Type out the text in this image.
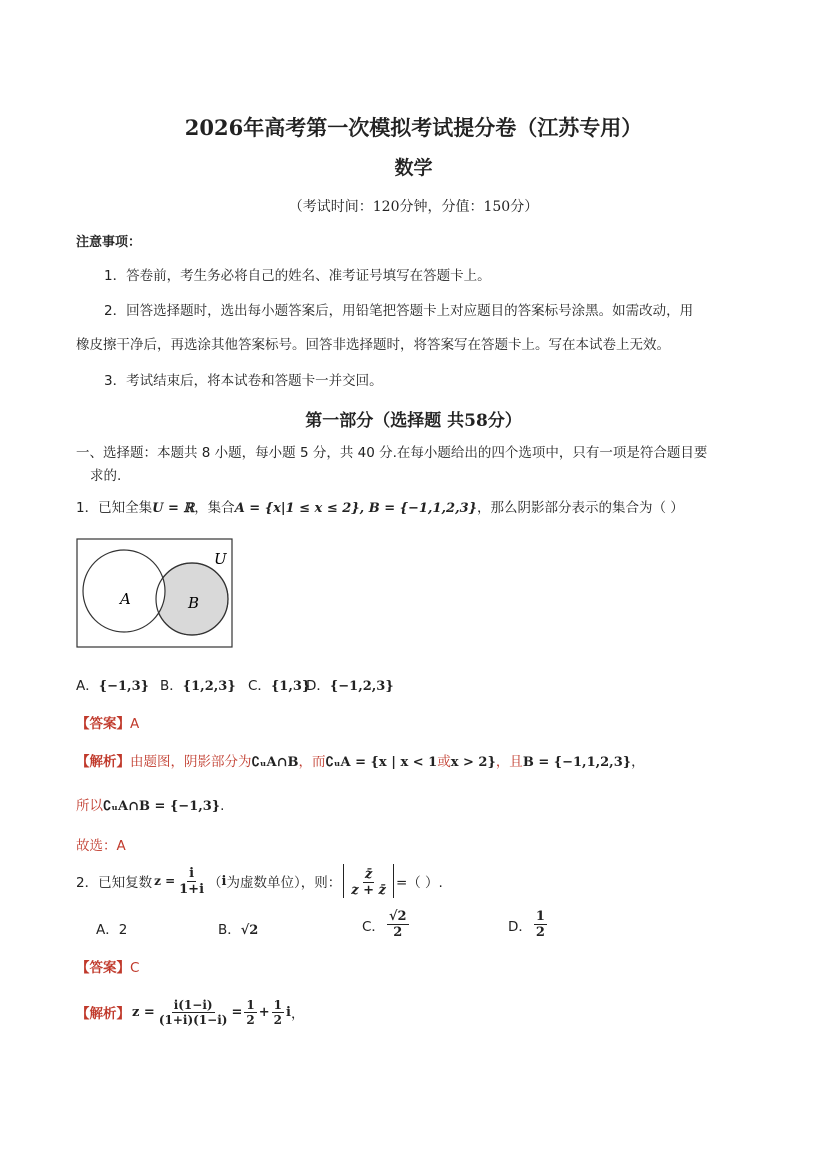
2026年高考第一次模拟考试提分卷（江苏专用）
数学
（考试时间：120分钟，分值：150分）
注意事项：
1．答卷前，考生务必将自己的姓名、准考证号填写在答题卡上。
2．回答选择题时，选出每小题答案后，用铅笔把答题卡上对应题目的答案标号涂黑。如需改动，用
橡皮擦干净后，再选涂其他答案标号。回答非选择题时，将答案写在答题卡上。写在本试卷上无效。
3．考试结束后，将本试卷和答题卡一并交回。
第一部分（选择题 共58分）
一、选择题：本题共 8 小题，每小题 5 分，共 40 分.在每小题给出的四个选项中，只有一项是符合题目要
求的.
1．已知全集U = ℝ，集合A = {x|1 ≤ x ≤ 2}, B = {−1,1,2,3}，那么阴影部分表示的集合为（ ）
U
A	B
A．{−1,3} B．{1,2,3} C．{1,3}
D．{−1,2,3}
【答案】A
【解析】由题图，阴影部分为∁ᵤA∩B，而∁ᵤA = {x | x < 1或x > 2}，且B = {−1,1,2,3}，
所以∁ᵤA∩B = {−1,3}.
故选：A
2．已知复数 $z = \frac{i}{1+i}$ （ i 为虚数单位），则： $\frac{z̄}{z + z̄}$ =（ ）.
A．2	B．√2	C． $\frac{√2}{2}$	D． $\frac{1}{2}$
【答案】C
【解析】 $z = \frac{i(1-i)}{(1+i)(1-i)} = \frac{1}{2} + \frac{1}{2}$ i ，
